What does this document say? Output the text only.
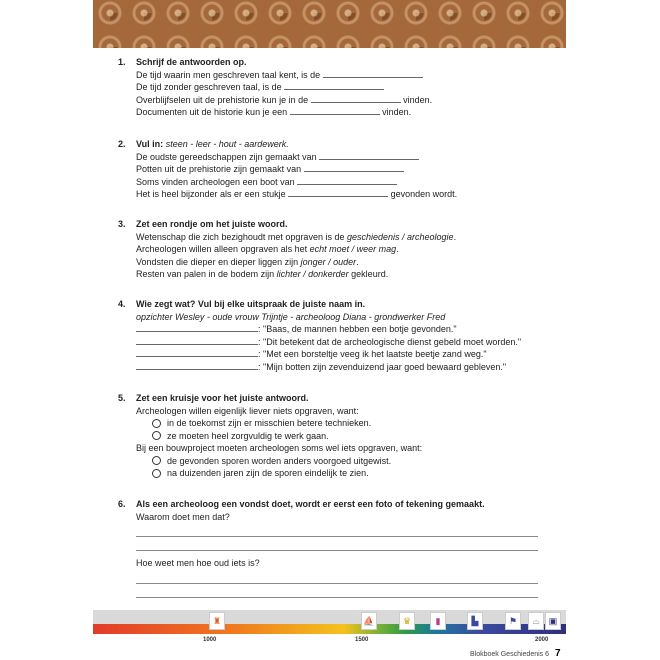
1.	Schrijf de antwoorden op.
De tijd waarin men geschreven taal kent, is de
De tijd zonder geschreven taal, is de
Overblijfselen uit de prehistorie kun je in de	vinden.
Documenten uit de historie kun je een	vinden.
2.	Vul in:
steen - leer - hout - aardewerk.
De oudste gereedschappen zijn gemaakt van
Potten uit de prehistorie zijn gemaakt van
Soms vinden archeologen een boot van
Het is heel bijzonder als er een stukje	gevonden wordt.
3.	Zet een rondje om het juiste woord.
Wetenschap die zich bezighoudt met opgraven is de geschiedenis / archeologie.
Archeologen willen alleen opgraven als het echt moet / weer mag.
Vondsten die dieper en dieper liggen zijn jonger / ouder.
Resten van palen in de bodem zijn lichter / donkerder gekleurd.
4.	Wie zegt wat? Vul bij elke uitspraak de juiste naam in.
opzichter Wesley - oude vrouw Trijntje - archeoloog Diana - grondwerker Fred
: "Baas, de mannen hebben een botje gevonden."
: "Dit betekent dat de archeologische dienst gebeld moet worden."
: "Met een borsteltje veeg ik het laatste beetje zand weg."
: "Mijn botten zijn zevenduizend jaar goed bewaard gebleven."
5.	Zet een kruisje voor het juiste antwoord.
Archeologen willen eigenlijk liever niets opgraven, want:
in de toekomst zijn er misschien betere technieken.
ze moeten heel zorgvuldig te werk gaan.
Bij een bouwproject moeten archeologen soms wel iets opgraven, want:
de gevonden sporen worden anders voorgoed uitgewist.
na duizenden jaren zijn de sporen eindelijk te zien.
6.	Als een archeoloog een vondst doet, wordt er eerst een foto of tekening gemaakt.
Waarom doet men dat?
Hoe weet men hoe oud iets is?
♜	⛵	♛	▮	▙	⚑	⌓	▣
1000	1500	2000
Blokboek Geschiedenis 6 7
